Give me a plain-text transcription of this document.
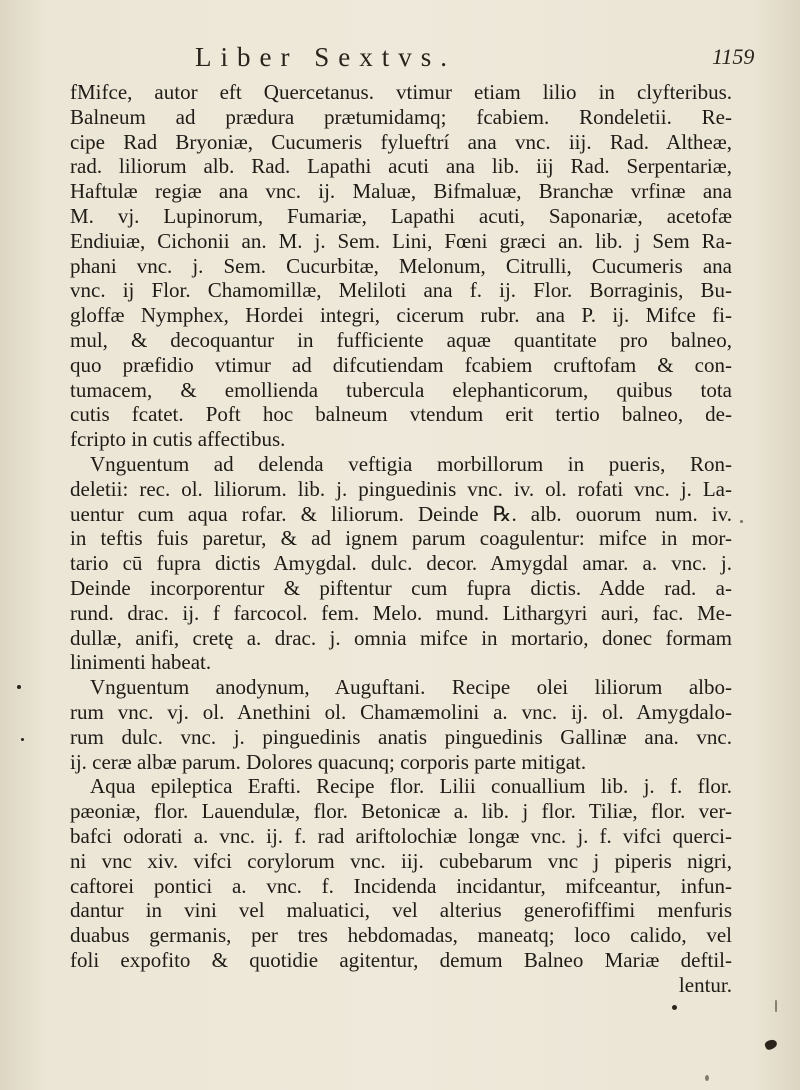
Liber Sextvs.	1159
fMifce, autor eft Quercetanus. vtimur etiam lilio in clyfteribus.
Balneum ad prædura prætumidamq; fcabiem. Rondeletii. Re-
cipe Rad Bryoniæ, Cucumeris fylueftrí ana vnc. iij. Rad. Altheæ,
rad. liliorum alb. Rad. Lapathi acuti ana lib. iij Rad. Serpentariæ,
Haftulæ regiæ ana vnc. ij. Maluæ, Bifmaluæ, Branchæ vrfinæ ana
M. vj. Lupinorum, Fumariæ, Lapathi acuti, Saponariæ, acetofæ
Endiuiæ, Cichonii an. M. j. Sem. Lini, Fœni græci an. lib. j Sem Ra-
phani vnc. j. Sem. Cucurbitæ, Melonum, Citrulli, Cucumeris ana
vnc. ij Flor. Chamomillæ, Meliloti ana f. ij. Flor. Borraginis, Bu-
gloffæ Nymphex, Hordei integri, cicerum rubr. ana P. ij. Mifce fi-
mul, & decoquantur in fufficiente aquæ quantitate pro balneo,
quo præfidio vtimur ad difcutiendam fcabiem cruftofam & con-
tumacem, & emollienda tubercula elephanticorum, quibus tota
cutis fcatet. Poft hoc balneum vtendum erit tertio balneo, de-
fcripto in cutis affectibus.
Vnguentum ad delenda veftigia morbillorum in pueris, Ron-
deletii: rec. ol. liliorum. lib. j. pinguedinis vnc. iv. ol. rofati vnc. j. La-
uentur cum aqua rofar. & liliorum. Deinde ℞. alb. ouorum num. iv.
in teftis fuis paretur, & ad ignem parum coagulentur: mifce in mor-
tario cū fupra dictis Amygdal. dulc. decor. Amygdal amar. a. vnc. j.
Deinde incorporentur & piftentur cum fupra dictis. Adde rad. a-
rund. drac. ij. f farcocol. fem. Melo. mund. Lithargyri auri, fac. Me-
dullæ, anifi, cretę a. drac. j. omnia mifce in mortario, donec formam
linimenti habeat.
Vnguentum anodynum, Auguftani. Recipe olei liliorum albo-
rum vnc. vj. ol. Anethini ol. Chamæmolini a. vnc. ij. ol. Amygdalo-
rum dulc. vnc. j. pinguedinis anatis pinguedinis Gallinæ ana. vnc.
ij. ceræ albæ parum. Dolores quacunq; corporis parte mitigat.
Aqua epileptica Erafti. Recipe flor. Lilii conuallium lib. j. f. flor.
pæoniæ, flor. Lauendulæ, flor. Betonicæ a. lib. j flor. Tiliæ, flor. ver-
bafci odorati a. vnc. ij. f. rad ariftolochiæ longæ vnc. j. f. vifci querci-
ni vnc xiv. vifci corylorum vnc. iij. cubebarum vnc j piperis nigri,
caftorei pontici a. vnc. f. Incidenda incidantur, mifceantur, infun-
dantur in vini vel maluatici, vel alterius generofiffimi menfuris
duabus germanis, per tres hebdomadas, maneatq; loco calido, vel
foli expofito & quotidie agitentur, demum Balneo Mariæ deftil-
lentur.
